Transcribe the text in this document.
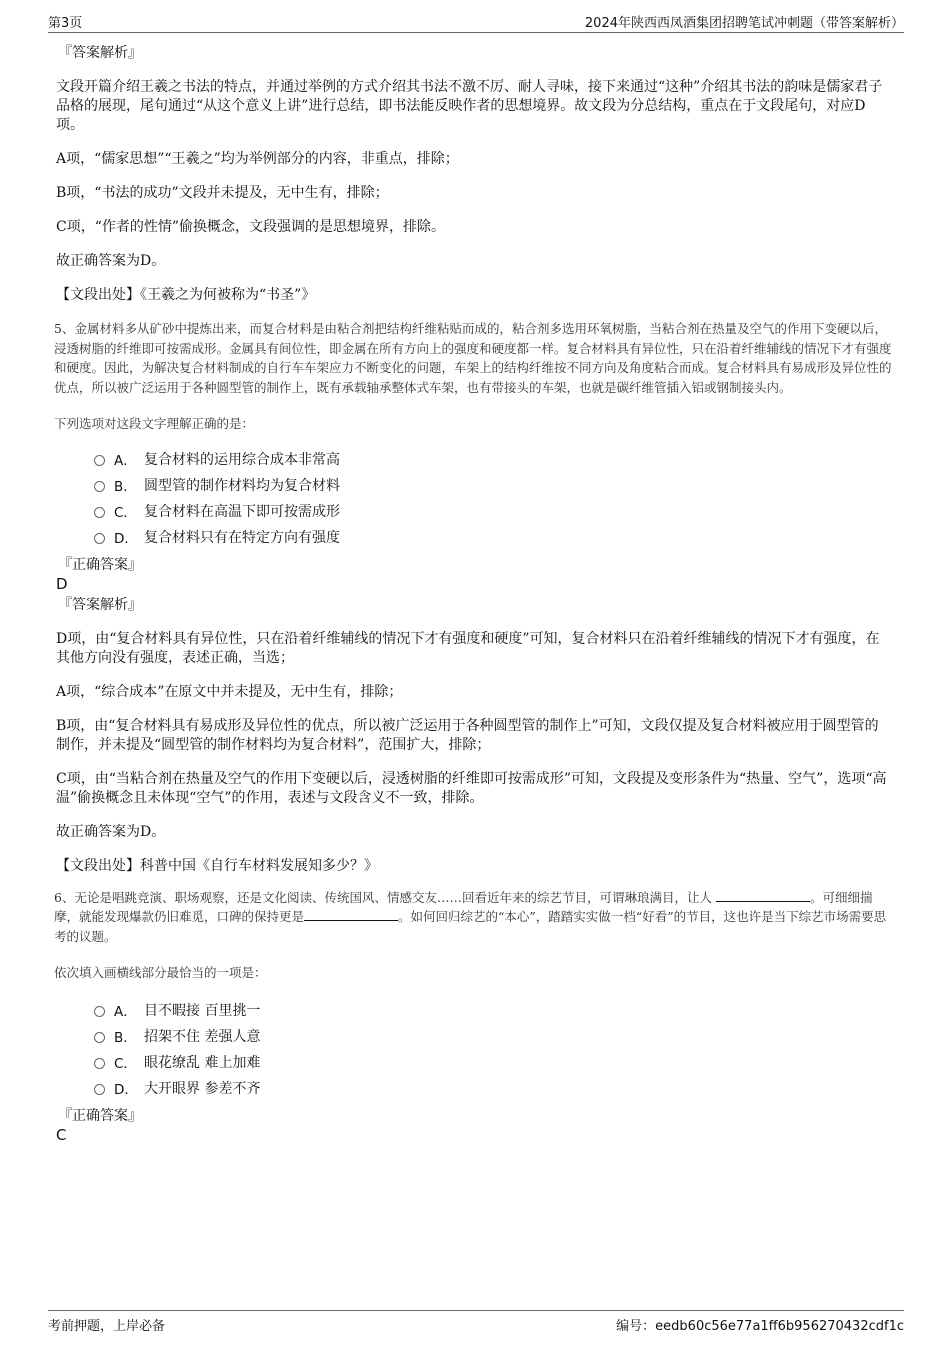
第3页	2024年陕西西凤酒集团招聘笔试冲刺题（带答案解析）

『答案解析』

文段开篇介绍王羲之书法的特点，并通过举例的方式介绍其书法不激不厉、耐人寻味，接下来通过“这种”介绍其书法的韵味是儒家君子品格的展现，尾句通过“从这个意义上讲”进行总结，即书法能反映作者的思想境界。故文段为分总结构，重点在于文段尾句，对应D项。

A项，“儒家思想”“王羲之”均为举例部分的内容，非重点，排除；

B项，“书法的成功”文段并未提及，无中生有，排除；

C项，“作者的性情”偷换概念，文段强调的是思想境界，排除。

故正确答案为D。

【文段出处】《王羲之为何被称为“书圣”》

5、金属材料多从矿砂中提炼出来，而复合材料是由粘合剂把结构纤维粘贴而成的，粘合剂多选用环氧树脂，当粘合剂在热量及空气的作用下变硬以后，浸透树脂的纤维即可按需成形。金属具有间位性，即金属在所有方向上的强度和硬度都一样。复合材料具有异位性，只在沿着纤维辅线的情况下才有强度和硬度。因此，为解决复合材料制成的自行车车架应力不断变化的问题，车架上的结构纤维按不同方向及角度粘合而成。复合材料具有易成形及异位性的优点，所以被广泛运用于各种圆型管的制作上，既有承载轴承整体式车架，也有带接头的车架，也就是碳纤维管插入铝或钢制接头内。

下列选项对这段文字理解正确的是：

A． 复合材料的运用综合成本非常高
B． 圆型管的制作材料均为复合材料
C． 复合材料在高温下即可按需成形
D． 复合材料只有在特定方向有强度

『正确答案』

D

『答案解析』

D项，由“复合材料具有异位性，只在沿着纤维辅线的情况下才有强度和硬度”可知，复合材料只在沿着纤维辅线的情况下才有强度，在其他方向没有强度，表述正确，当选；

A项，“综合成本”在原文中并未提及，无中生有，排除；

B项，由“复合材料具有易成形及异位性的优点，所以被广泛运用于各种圆型管的制作上”可知，文段仅提及复合材料被应用于圆型管的制作，并未提及“圆型管的制作材料均为复合材料”，范围扩大，排除；

C项，由“当粘合剂在热量及空气的作用下变硬以后，浸透树脂的纤维即可按需成形”可知，文段提及变形条件为“热量、空气”，选项“高温”偷换概念且未体现“空气”的作用，表述与文段含义不一致，排除。

故正确答案为D。

【文段出处】科普中国《自行车材料发展知多少？》

6、无论是唱跳竞演、职场观察，还是文化阅读、传统国风、情感交友……回看近年来的综艺节目，可谓琳琅满目，让人	。可细细揣摩，就能发现爆款仍旧难觅，口碑的保持更是	。如何回归综艺的“本心”，踏踏实实做一档“好看”的节目，这也许是当下综艺市场需要思考的议题。

依次填入画横线部分最恰当的一项是：

A． 目不暇接 百里挑一
B． 招架不住 差强人意
C． 眼花缭乱 难上加难
D． 大开眼界 参差不齐

『正确答案』

C

考前押题，上岸必备	编号：eedb60c56e77a1ff6b956270432cdf1c
